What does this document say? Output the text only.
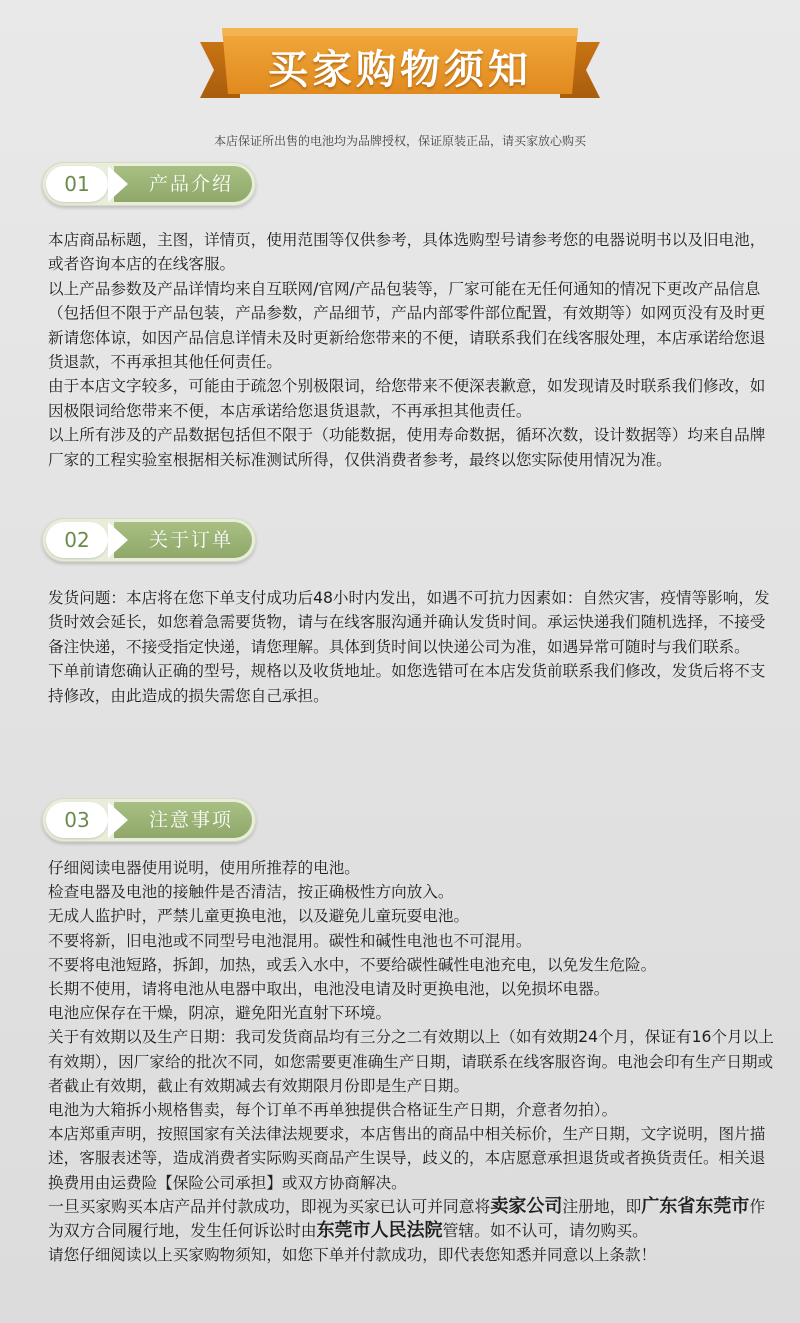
买家购物须知
本店保证所出售的电池均为品牌授权，保证原装正品，请买家放心购买
01	产品介绍

本店商品标题，主图，详情页，使用范围等仅供参考，具体选购型号请参考您的电器说明书以及旧电池，或者咨询本店的在线客服。

以上产品参数及产品详情均来自互联网/官网/产品包装等，厂家可能在无任何通知的情况下更改产品信息（包括但不限于产品包装，产品参数，产品细节，产品内部零件部位配置，有效期等）如网页没有及时更新请您体谅，如因产品信息详情未及时更新给您带来的不便，请联系我们在线客服处理，本店承诺给您退货退款，不再承担其他任何责任。

由于本店文字较多，可能由于疏忽个别极限词，给您带来不便深表歉意，如发现请及时联系我们修改，如因极限词给您带来不便，本店承诺给您退货退款，不再承担其他责任。

以上所有涉及的产品数据包括但不限于（功能数据，使用寿命数据，循环次数，设计数据等）均来自品牌厂家的工程实验室根据相关标准测试所得，仅供消费者参考，最终以您实际使用情况为准。

02	关于订单

发货问题：本店将在您下单支付成功后48小时内发出，如遇不可抗力因素如：自然灾害，疫情等影响，发货时效会延长，如您着急需要货物，请与在线客服沟通并确认发货时间。承运快递我们随机选择，不接受备注快递，不接受指定快递，请您理解。具体到货时间以快递公司为准，如遇异常可随时与我们联系。

下单前请您确认正确的型号，规格以及收货地址。如您选错可在本店发货前联系我们修改，发货后将不支持修改，由此造成的损失需您自己承担。

03	注意事项

仔细阅读电器使用说明，使用所推荐的电池。

检查电器及电池的接触件是否清洁，按正确极性方向放入。

无成人监护时，严禁儿童更换电池，以及避免儿童玩耍电池。

不要将新，旧电池或不同型号电池混用。碳性和碱性电池也不可混用。

不要将电池短路，拆卸，加热，或丢入水中，不要给碳性碱性电池充电，以免发生危险。

长期不使用，请将电池从电器中取出，电池没电请及时更换电池，以免损坏电器。

电池应保存在干燥，阴凉，避免阳光直射下环境。

关于有效期以及生产日期：我司发货商品均有三分之二有效期以上（如有效期24个月，保证有16个月以上有效期），因厂家给的批次不同，如您需要更准确生产日期，请联系在线客服咨询。电池会印有生产日期或者截止有效期，截止有效期减去有效期限月份即是生产日期。

电池为大箱拆小规格售卖，每个订单不再单独提供合格证生产日期，介意者勿拍）。

本店郑重声明，按照国家有关法律法规要求，本店售出的商品中相关标价，生产日期，文字说明，图片描述，客服表述等，造成消费者实际购买商品产生误导，歧义的，本店愿意承担退货或者换货责任。相关退换费用由运费险【保险公司承担】或双方协商解决。

一旦买家购买本店产品并付款成功，即视为买家已认可并同意将卖家公司注册地，即广东省东莞市作为双方合同履行地，发生任何诉讼时由东莞市人民法院管辖。如不认可，请勿购买。

请您仔细阅读以上买家购物须知，如您下单并付款成功，即代表您知悉并同意以上条款！
